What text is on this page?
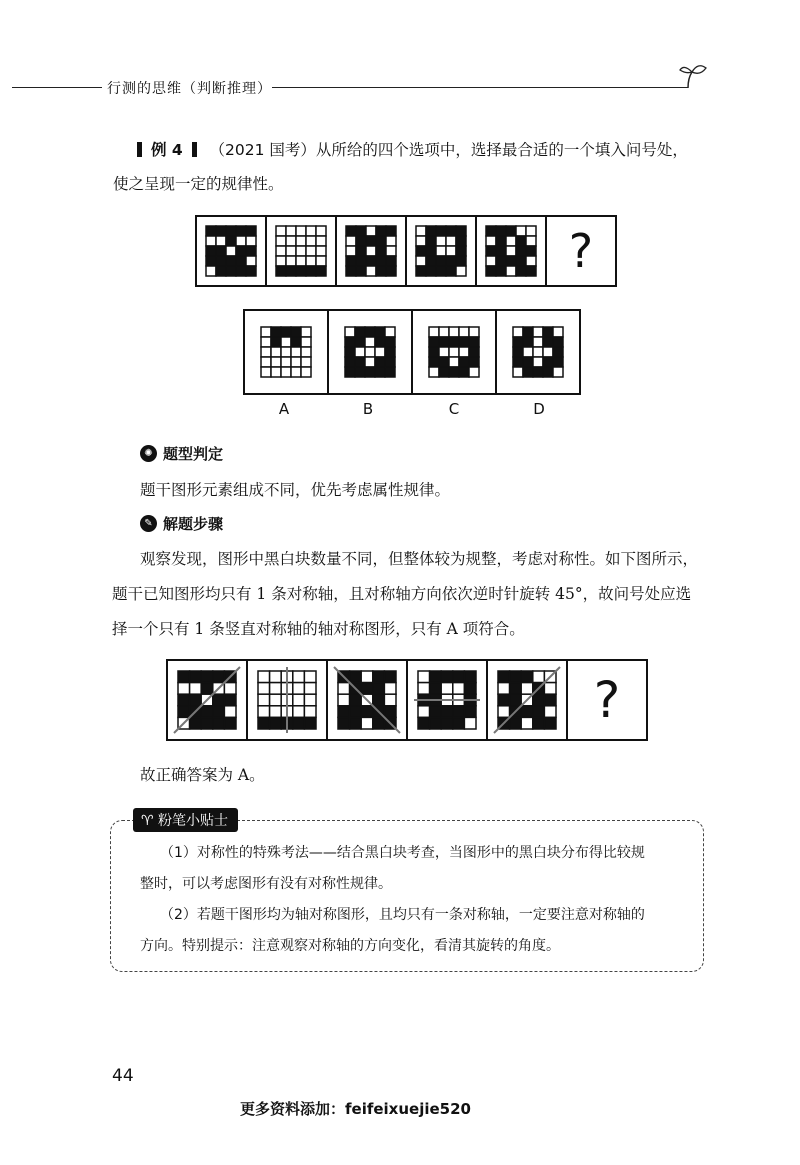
行测的思维（判断推理）
例 4 （2021 国考）从所给的四个选项中，选择最合适的一个填入问号处，
使之呈现一定的规律性。
?
A	B	C	D
✺ 题型判定
题干图形元素组成不同，优先考虑属性规律。
✎ 解题步骤
观察发现，图形中黑白块数量不同，但整体较为规整，考虑对称性。如下图所示，
题干已知图形均只有 1 条对称轴，且对称轴方向依次逆时针旋转 45°，故问号处应选
择一个只有 1 条竖直对称轴的轴对称图形，只有 A 项符合。
?
故正确答案为 A。
♈ 粉笔小贴士
（1）对称性的特殊考法——结合黑白块考查，当图形中的黑白块分布得比较规
整时，可以考虑图形有没有对称性规律。
（2）若题干图形均为轴对称图形，且均只有一条对称轴，一定要注意对称轴的
方向。特别提示：注意观察对称轴的方向变化，看清其旋转的角度。
44
更多资料添加：feifeixuejie520
